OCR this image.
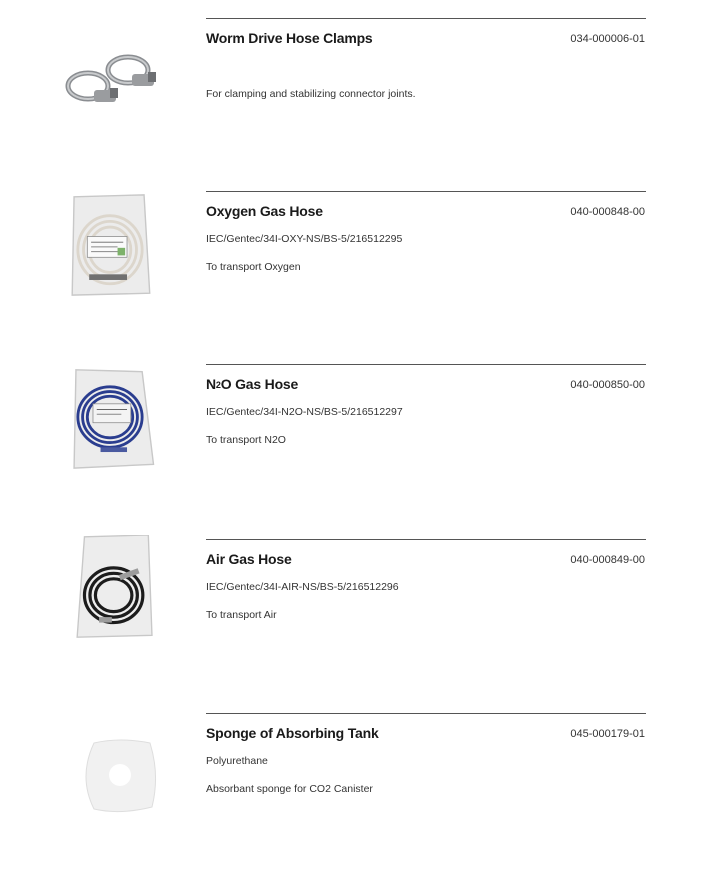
Worm Drive Hose Clamps	034-000006-01
For clamping and stabilizing connector joints.
Oxygen Gas Hose	040-000848-00
IEC/Gentec/34I-OXY-NS/BS-5/216512295
To transport Oxygen
N2O Gas Hose	040-000850-00
IEC/Gentec/34I-N2O-NS/BS-5/216512297
To transport N2O
Air Gas Hose	040-000849-00
IEC/Gentec/34I-AIR-NS/BS-5/216512296
To transport Air
Sponge of Absorbing Tank	045-000179-01
Polyurethane
Absorbant sponge for CO2 Canister
